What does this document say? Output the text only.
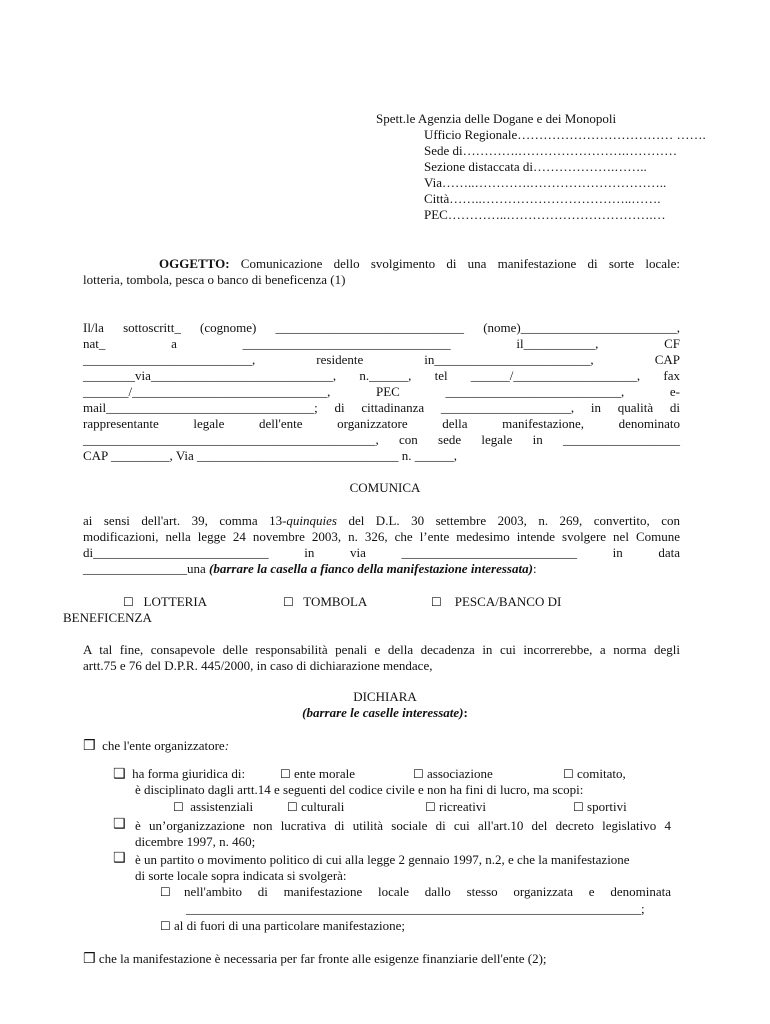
Spett.le Agenzia delle Dogane e dei Monopoli
Ufficio Regionale……………………………… …….
Sede di………….…………………….…………
Sezione distaccata di……………….……..
Via……..………….…………………………..
Città……..……………………………..…….
PEC…………..…………………………….…
OGGETTO: Comunicazione dello svolgimento di una manifestazione di sorte locale:
lotteria, tombola, pesca o banco di beneficenza (1)
Il/la sottoscritt_ (cognome) _____________________________ (nome)________________________,
nat_ a ________________________________ il___________, CF
__________________________, residente in________________________, CAP
________via____________________________, n.______, tel ______/___________________, fax
_______/______________________________, PEC ___________________________, e-
mail________________________________; di cittadinanza ____________________, in qualità di
rappresentante legale dell'ente organizzatore della manifestazione, denominato
_____________________________________________, con sede legale in __________________
CAP _________, Via _______________________________ n. ______,
COMUNICA
ai sensi dell'art. 39, comma 13-quinquies del D.L. 30 settembre 2003, n. 269, convertito, con
modificazioni, nella legge 24 novembre 2003, n. 326, che l’ente medesimo intende svolgere nel Comune
di___________________________ in via ___________________________ in data
________________una (barrare la casella a fianco della manifestazione interessata):
☐ LOTTERIA	☐ TOMBOLA	☐ PESCA/BANCO DI
BENEFICENZA
A tal fine, consapevole delle responsabilità penali e della decadenza in cui incorrerebbe, a norma degli
artt.75 e 76 del D.P.R. 445/2000, in caso di dichiarazione mendace,
DICHIARA
(barrare le caselle interessate):
❒ che l'ente organizzatore:
❑ ha forma giuridica di:	☐ ente morale	☐ associazione	☐ comitato,
è disciplinato dagli artt.14 e seguenti del codice civile e non ha fini di lucro, ma scopi:
☐ assistenziali	☐ culturali	☐ ricreativi	☐ sportivi
❑ è un’organizzazione non lucrativa di utilità sociale di cui all'art.10 del decreto legislativo 4
dicembre 1997, n. 460;
❑ è un partito o movimento politico di cui alla legge 2 gennaio 1997, n.2, e che la manifestazione
di sorte locale sopra indicata si svolgerà:
☐ nell'ambito di manifestazione locale dallo stesso organizzata e denominata
______________________________________________________________________;
☐ al di fuori di una particolare manifestazione;
❒ che la manifestazione è necessaria per far fronte alle esigenze finanziarie dell'ente (2);
